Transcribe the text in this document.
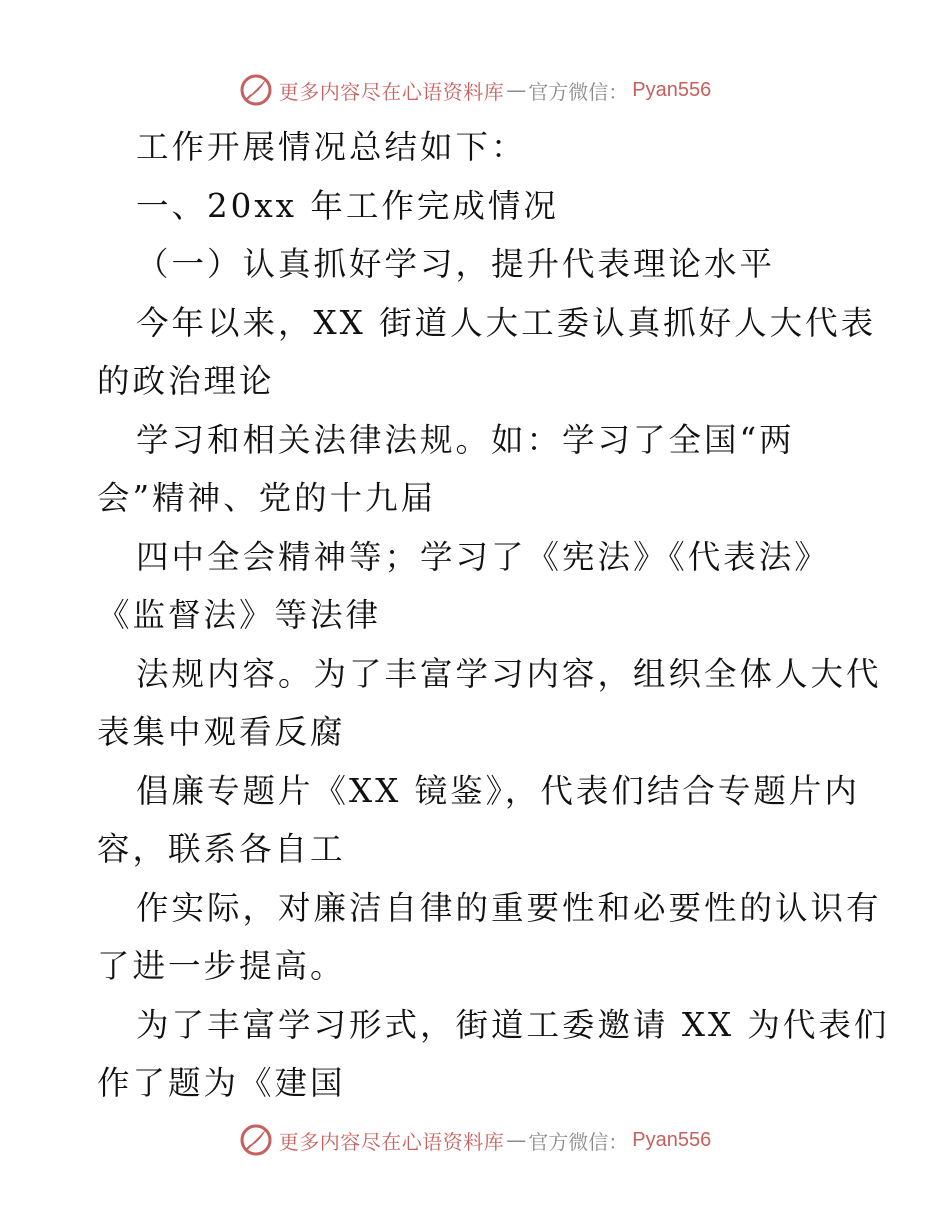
更多内容尽在心语资料库 — 官方微信： Pyan556
工作开展情况总结如下：
一、20xx 年工作完成情况
（一）认真抓好学习，提升代表理论水平
今年以来，XX 街道人大工委认真抓好人大代表
的政治理论
学习和相关法律法规。如：学习了全国“两
会”精神、党的十九届
四中全会精神等；学习了《宪法》《代表法》
《监督法》等法律
法规内容。为了丰富学习内容，组织全体人大代
表集中观看反腐
倡廉专题片《XX 镜鉴》，代表们结合专题片内
容，联系各自工
作实际，对廉洁自律的重要性和必要性的认识有
了进一步提高。
为了丰富学习形式，街道工委邀请 XX 为代表们
作了题为《建国
更多内容尽在心语资料库 — 官方微信： Pyan556
